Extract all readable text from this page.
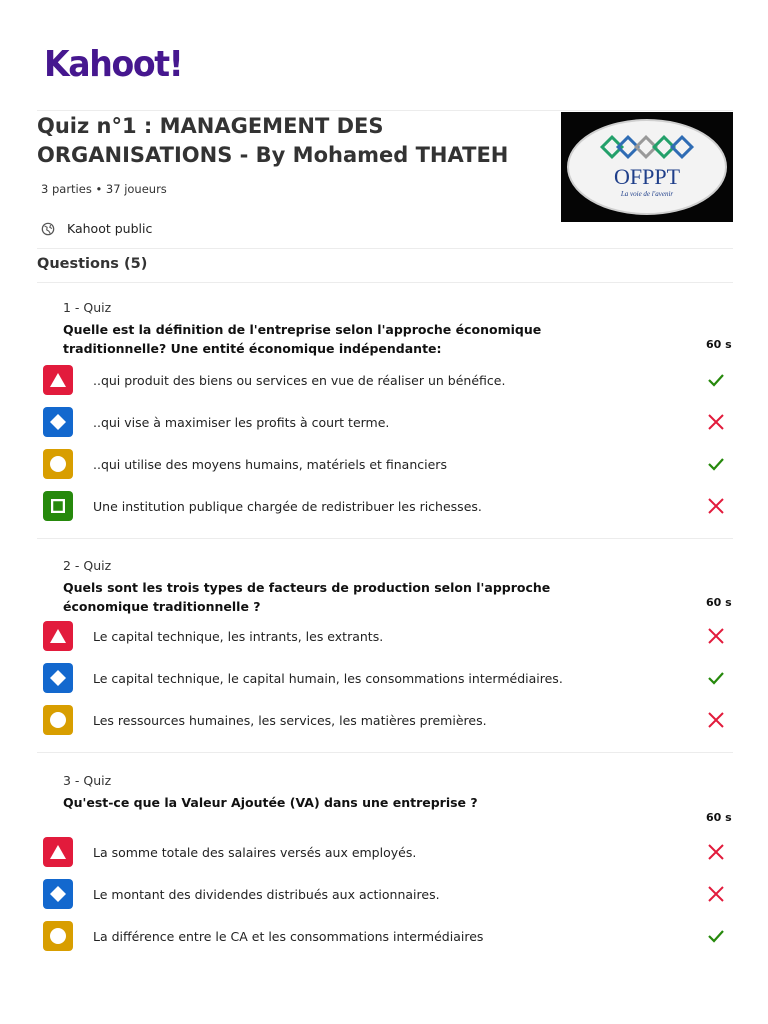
Kahoot!
Quiz n°1 : MANAGEMENT DES ORGANISATIONS - By Mohamed THATEH
3 parties • 37 joueurs
Kahoot public
OFPPT
La voie de l'avenir
Questions (5)
1 - Quiz
Quelle est la définition de l'entreprise selon l'approche économique traditionnelle? Une entité économique indépendante:	60 s
..qui produit des biens ou services en vue de réaliser un bénéfice.
..qui vise à maximiser les profits à court terme.
..qui utilise des moyens humains, matériels et financiers
Une institution publique chargée de redistribuer les richesses.
2 - Quiz
Quels sont les trois types de facteurs de production selon l'approche économique traditionnelle ?	60 s
Le capital technique, les intrants, les extrants.
Le capital technique, le capital humain, les consommations intermédiaires.
Les ressources humaines, les services, les matières premières.
3 - Quiz
Qu'est-ce que la Valeur Ajoutée (VA) dans une entreprise ?
60 s
La somme totale des salaires versés aux employés.
Le montant des dividendes distribués aux actionnaires.
La différence entre le CA et les consommations intermédiaires
